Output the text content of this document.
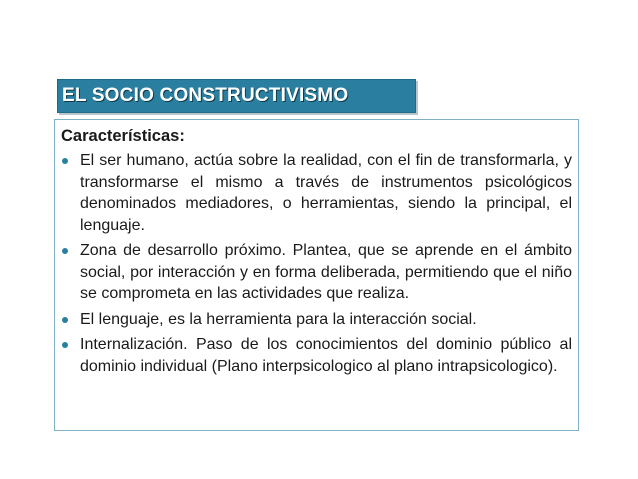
EL SOCIO CONSTRUCTIVISMO
Características:
El ser humano, actúa sobre la realidad, con el fin de transformarla, y transformarse el mismo a través de instrumentos psicológicos denominados mediadores, o herramientas, siendo la principal, el lenguaje.
Zona de desarrollo próximo. Plantea, que se aprende en el ámbito social, por interacción y en forma deliberada, permitiendo que el niño se comprometa en las actividades que realiza.
El lenguaje, es la herramienta para la interacción social.
Internalización. Paso de los conocimientos del dominio público al dominio individual (Plano interpsicologico al plano intrapsicologico).
